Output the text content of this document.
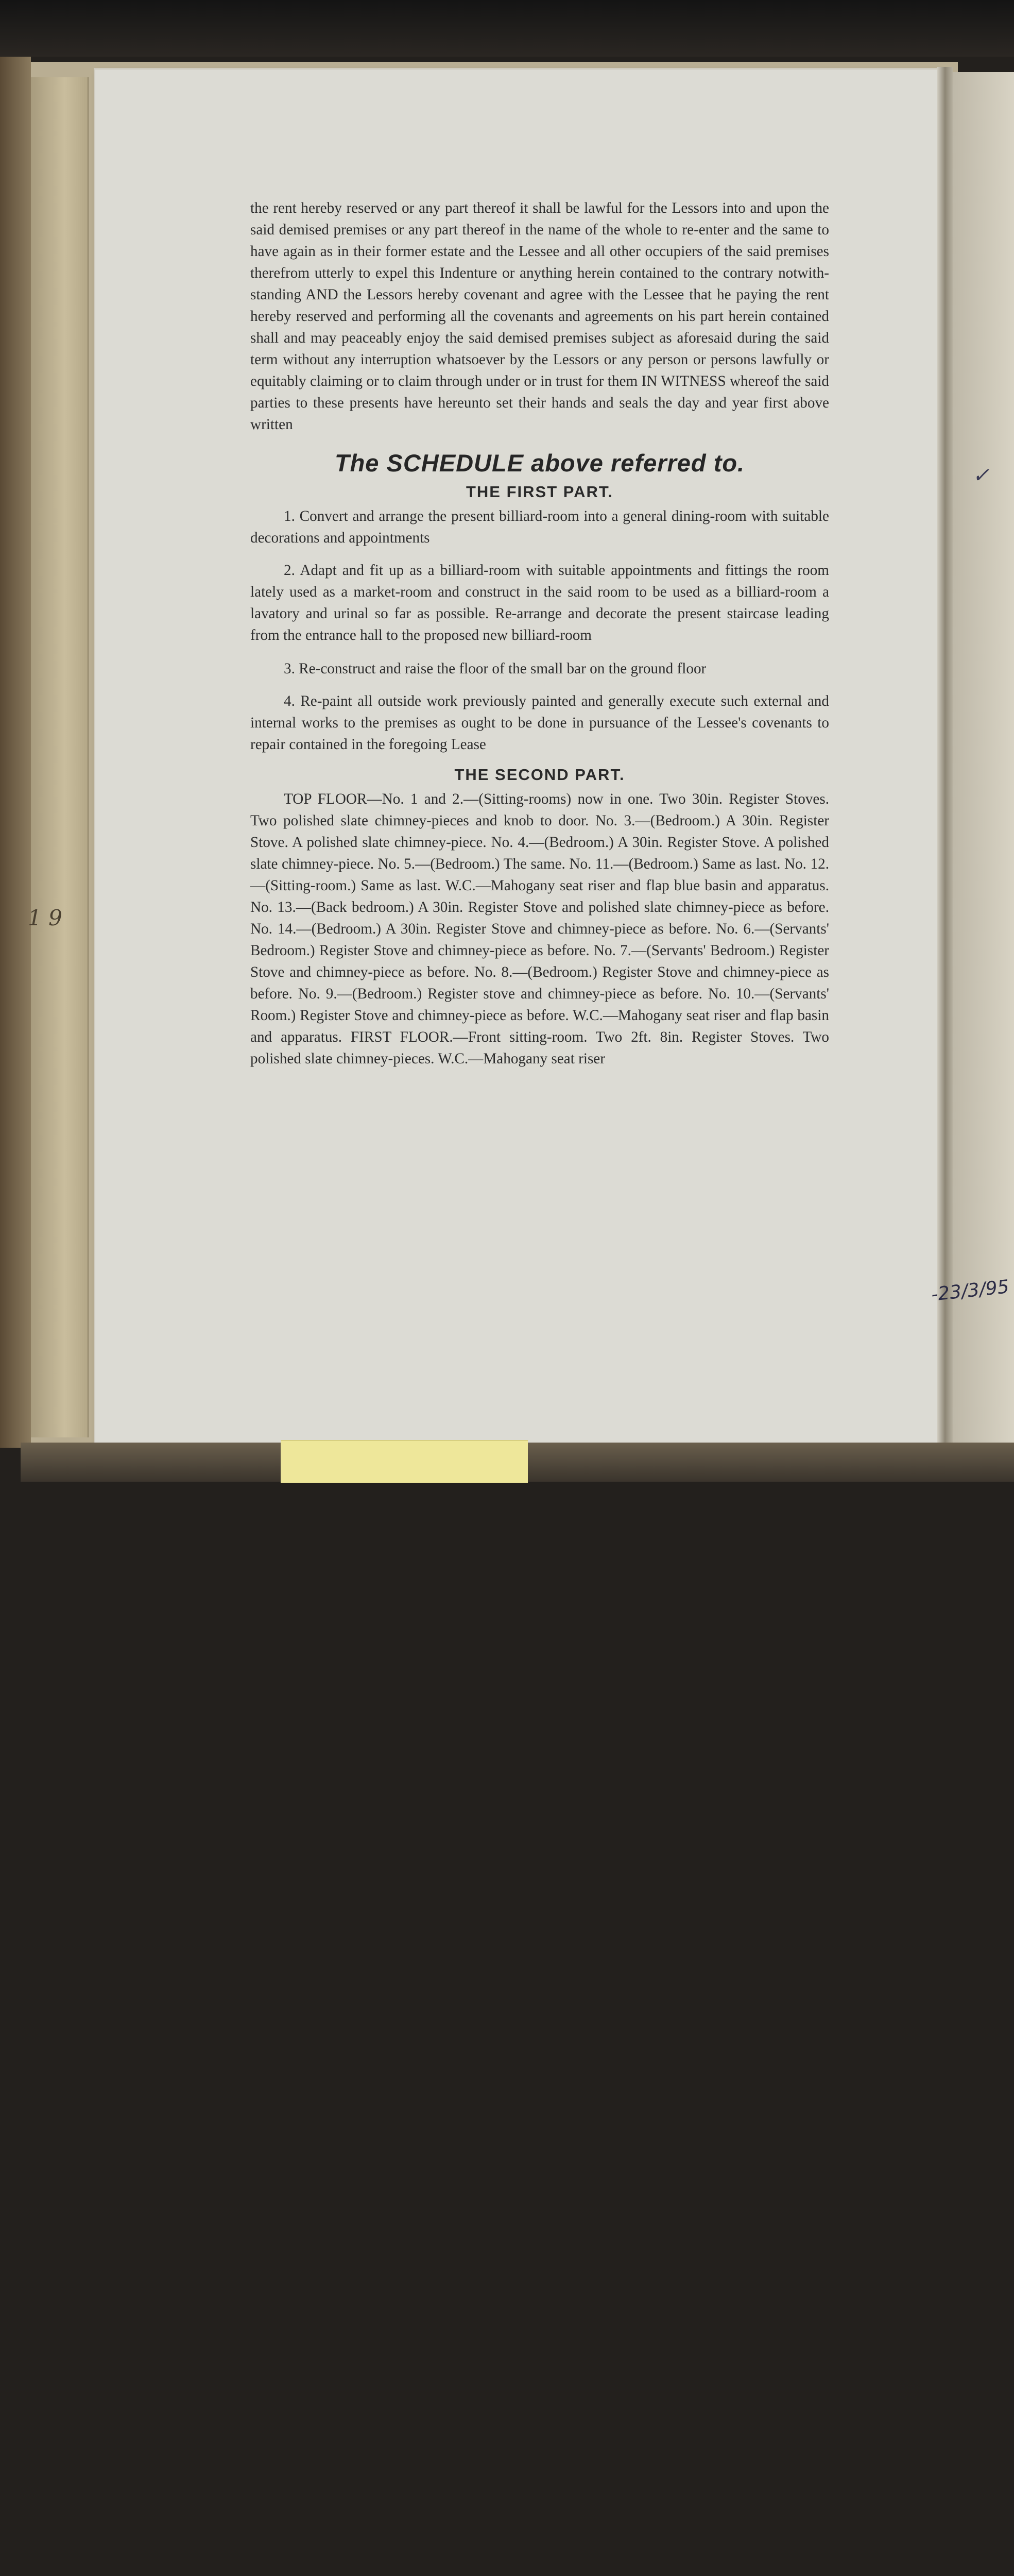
1 9
✓
-23/3/95

the rent hereby reserved or any part thereof it shall be lawful for the Lessors into and upon the said demised premises or any part thereof in the name of the whole to re-enter and the same to have again as in their former estate and the Lessee and all other occupiers of the said premises therefrom utterly to expel this Indenture or anything herein contained to the contrary notwithstanding AND the Lessors hereby covenant and agree with the Lessee that he paying the rent hereby reserved and performing all the covenants and agreements on his part herein contained shall and may peaceably enjoy the said demised premises subject as aforesaid during the said term without any interruption whatsoever by the Lessors or any person or persons lawfully or equitably claiming or to claim through under or in trust for them IN WITNESS whereof the said parties to these presents have hereunto set their hands and seals the day and year first above written

The SCHEDULE above referred to.
THE FIRST PART.

1. Convert and arrange the present billiard-room into a general dining-room with suitable decorations and appointments

2. Adapt and fit up as a billiard-room with suitable appointments and fittings the room lately used as a market-room and construct in the said room to be used as a billiard-room a lavatory and urinal so far as possible. Re-arrange and decorate the present staircase leading from the entrance hall to the proposed new billiard-room

3. Re-construct and raise the floor of the small bar on the ground floor

4. Re-paint all outside work previously painted and generally execute such external and internal works to the premises as ought to be done in pursuance of the Lessee's covenants to repair contained in the foregoing Lease

THE SECOND PART.

TOP FLOOR—No. 1 and 2.—(Sitting-rooms) now in one. Two 30in. Register Stoves. Two polished slate chimney-pieces and knob to door. No. 3.—(Bedroom.) A 30in. Register Stove. A polished slate chimney-piece. No. 4.—(Bedroom.) A 30in. Register Stove. A polished slate chimney-piece. No. 5.—(Bedroom.) The same. No. 11.—(Bedroom.) Same as last. No. 12.—(Sitting-room.) Same as last. W.C.—Mahogany seat riser and flap blue basin and apparatus. No. 13.—(Back bedroom.) A 30in. Register Stove and polished slate chimney-piece as before. No. 14.—(Bedroom.) A 30in. Register Stove and chimney-piece as before. No. 6.—(Servants' Bedroom.) Register Stove and chimney-piece as before. No. 7.—(Servants' Bedroom.) Register Stove and chimney-piece as before. No. 8.—(Bedroom.) Register Stove and chimney-piece as before. No. 9.—(Bedroom.) Register stove and chimney-piece as before. No. 10.—(Servants' Room.) Register Stove and chimney-piece as before. W.C.—Mahogany seat riser and flap basin and apparatus. FIRST FLOOR.—Front sitting-room. Two 2ft. 8in. Register Stoves. Two polished slate chimney-pieces. W.C.—Mahogany seat riser
